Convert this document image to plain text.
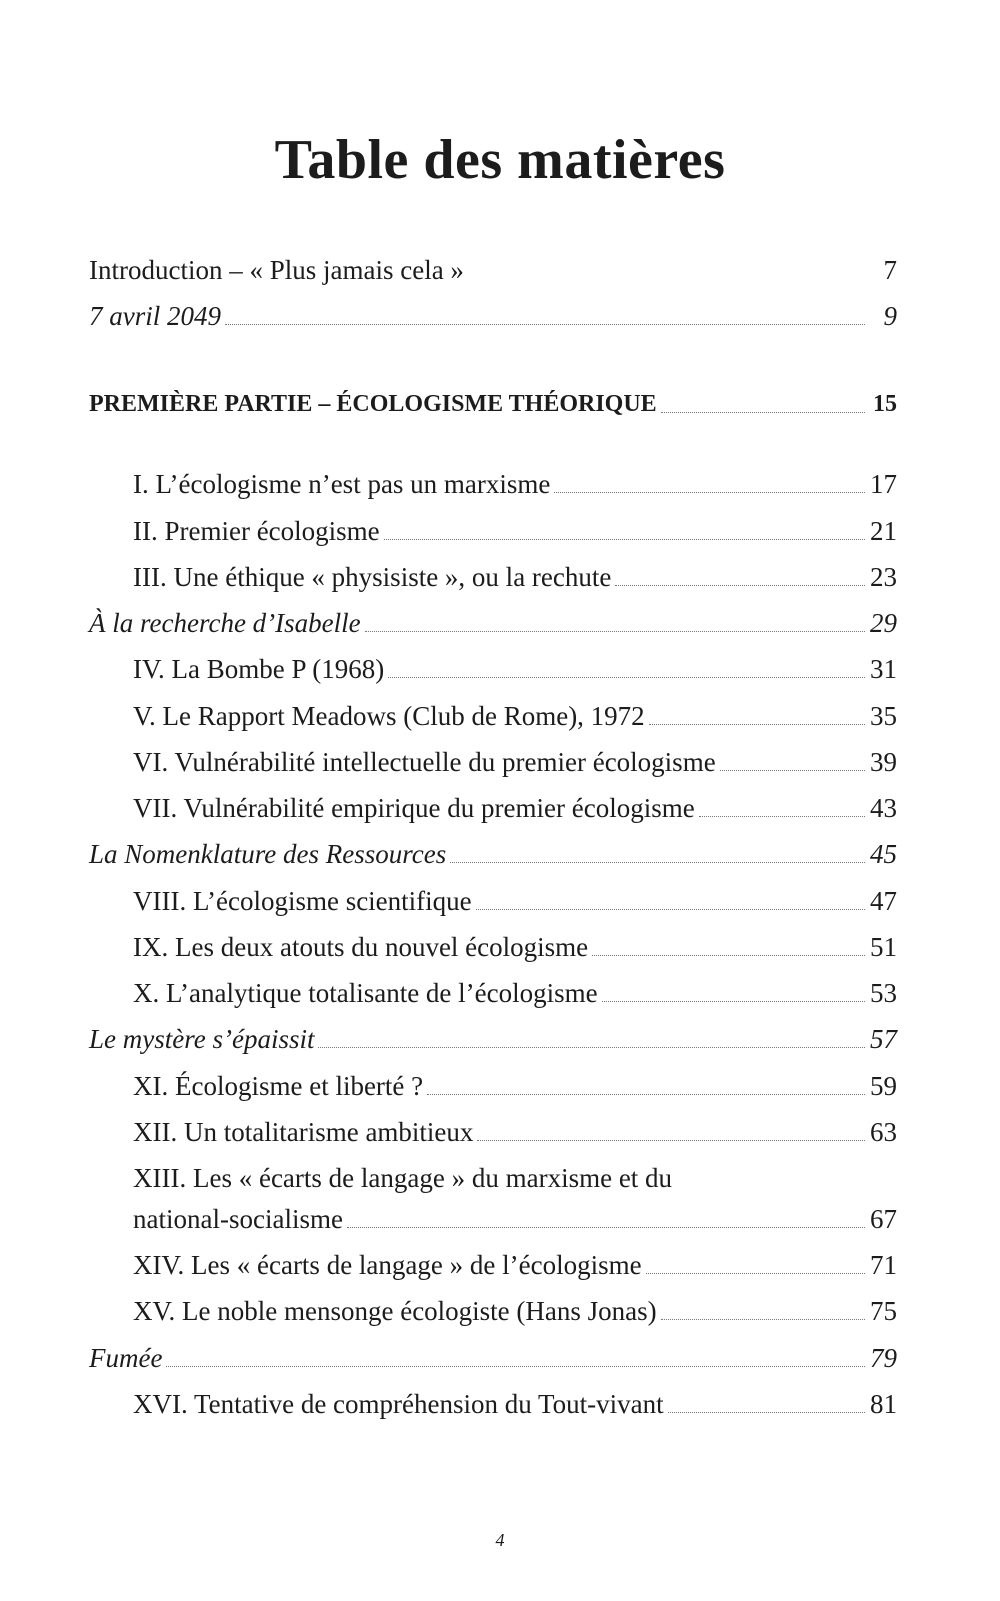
Table des matières
Introduction – « Plus jamais cela »	7
7 avril 2049	9
PREMIÈRE PARTIE – ÉCOLOGISME THÉORIQUE	15
I. L’écologisme n’est pas un marxisme	17
II. Premier écologisme	21
III. Une éthique « physisiste », ou la rechute	23
À la recherche d’Isabelle	29
IV. La Bombe P (1968)	31
V. Le Rapport Meadows (Club de Rome), 1972	35
VI. Vulnérabilité intellectuelle du premier écologisme	39
VII. Vulnérabilité empirique du premier écologisme	43
La Nomenklature des Ressources	45
VIII. L’écologisme scientifique	47
IX. Les deux atouts du nouvel écologisme	51
X. L’analytique totalisante de l’écologisme	53
Le mystère s’épaissit	57
XI. Écologisme et liberté ?	59
XII. Un totalitarisme ambitieux	63
XIII. Les « écarts de langage » du marxisme et du
national-socialisme	67
XIV. Les « écarts de langage » de l’écologisme	71
XV. Le noble mensonge écologiste (Hans Jonas)	75
Fumée	79
XVI. Tentative de compréhension du Tout-vivant	81
4
